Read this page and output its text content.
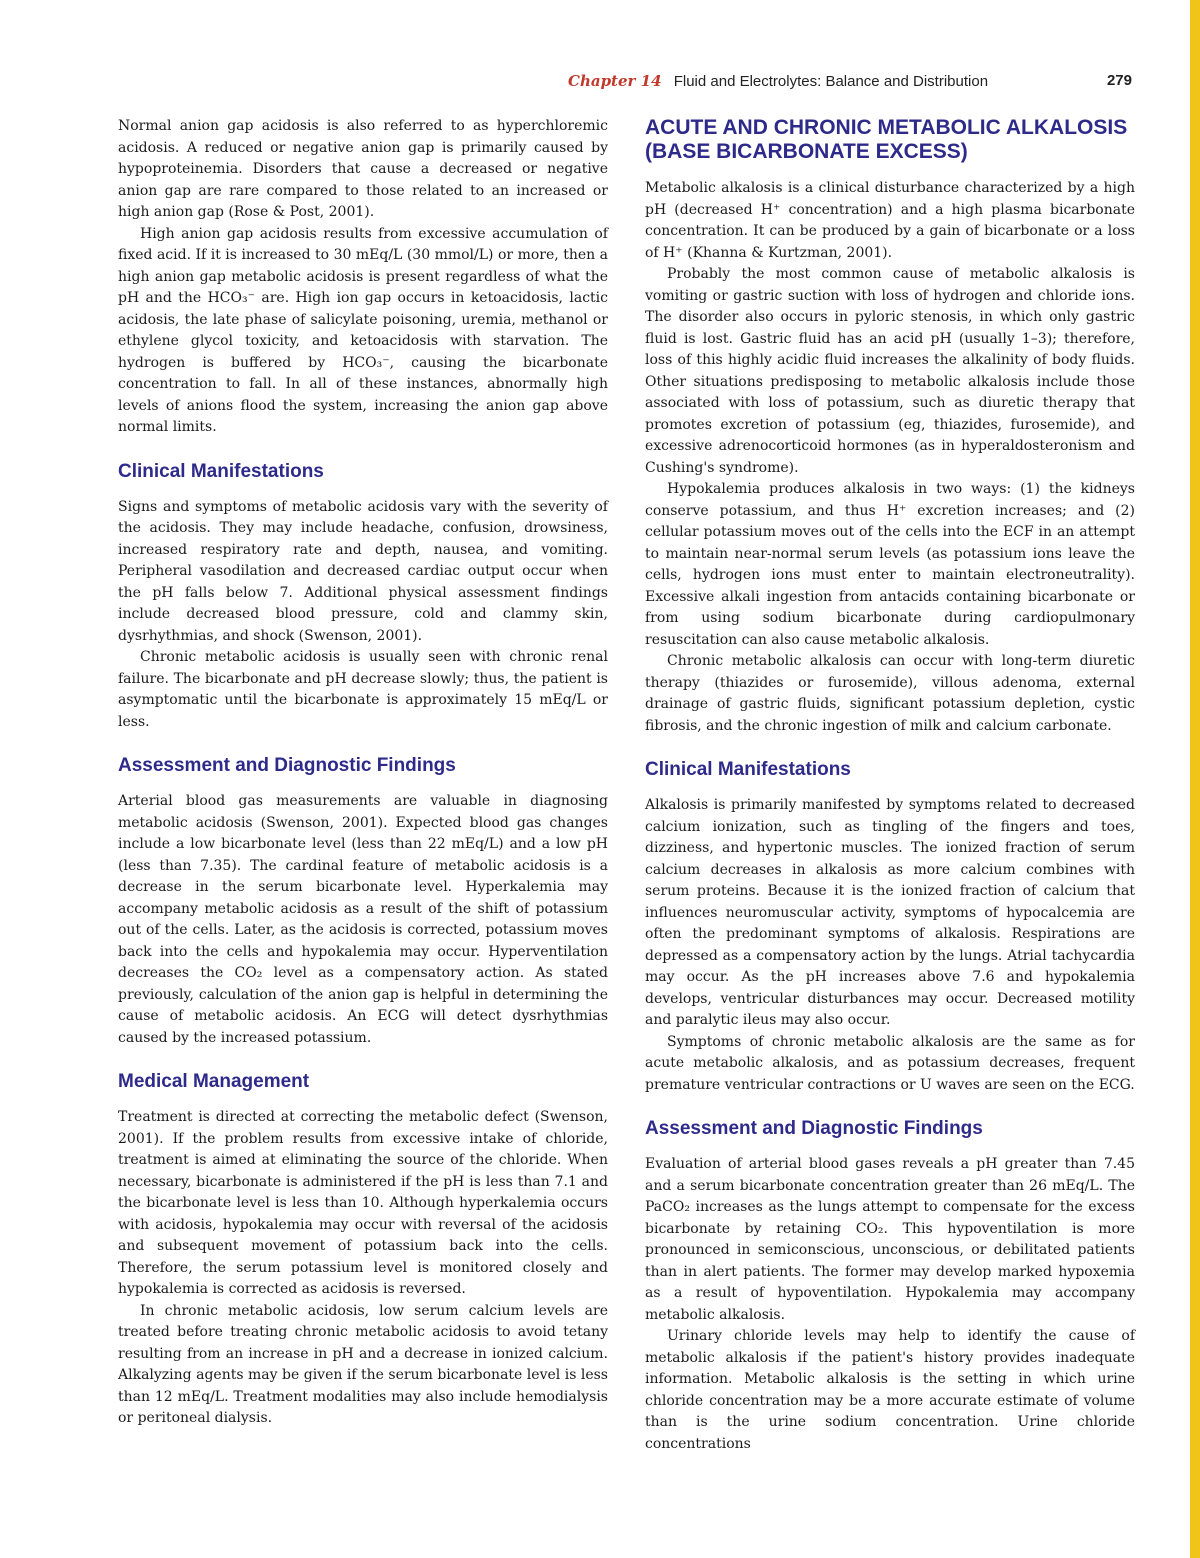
Chapter 14 Fluid and Electrolytes: Balance and Distribution	279

Normal anion gap acidosis is also referred to as hyperchloremic acidosis. A reduced or negative anion gap is primarily caused by hypoproteinemia. Disorders that cause a decreased or negative anion gap are rare compared to those related to an increased or high anion gap (Rose & Post, 2001).

High anion gap acidosis results from excessive accumulation of fixed acid. If it is increased to 30 mEq/L (30 mmol/L) or more, then a high anion gap metabolic acidosis is present regardless of what the pH and the HCO₃⁻ are. High ion gap occurs in ketoacidosis, lactic acidosis, the late phase of salicylate poisoning, uremia, methanol or ethylene glycol toxicity, and ketoacidosis with starvation. The hydrogen is buffered by HCO₃⁻, causing the bicarbonate concentration to fall. In all of these instances, abnormally high levels of anions flood the system, increasing the anion gap above normal limits.

Clinical Manifestations

Signs and symptoms of metabolic acidosis vary with the severity of the acidosis. They may include headache, confusion, drowsiness, increased respiratory rate and depth, nausea, and vomiting. Peripheral vasodilation and decreased cardiac output occur when the pH falls below 7. Additional physical assessment findings include decreased blood pressure, cold and clammy skin, dysrhythmias, and shock (Swenson, 2001).

Chronic metabolic acidosis is usually seen with chronic renal failure. The bicarbonate and pH decrease slowly; thus, the patient is asymptomatic until the bicarbonate is approximately 15 mEq/L or less.

Assessment and Diagnostic Findings

Arterial blood gas measurements are valuable in diagnosing metabolic acidosis (Swenson, 2001). Expected blood gas changes include a low bicarbonate level (less than 22 mEq/L) and a low pH (less than 7.35). The cardinal feature of metabolic acidosis is a decrease in the serum bicarbonate level. Hyperkalemia may accompany metabolic acidosis as a result of the shift of potassium out of the cells. Later, as the acidosis is corrected, potassium moves back into the cells and hypokalemia may occur. Hyperventilation decreases the CO₂ level as a compensatory action. As stated previously, calculation of the anion gap is helpful in determining the cause of metabolic acidosis. An ECG will detect dysrhythmias caused by the increased potassium.

Medical Management

Treatment is directed at correcting the metabolic defect (Swenson, 2001). If the problem results from excessive intake of chloride, treatment is aimed at eliminating the source of the chloride. When necessary, bicarbonate is administered if the pH is less than 7.1 and the bicarbonate level is less than 10. Although hyperkalemia occurs with acidosis, hypokalemia may occur with reversal of the acidosis and subsequent movement of potassium back into the cells. Therefore, the serum potassium level is monitored closely and hypokalemia is corrected as acidosis is reversed.

In chronic metabolic acidosis, low serum calcium levels are treated before treating chronic metabolic acidosis to avoid tetany resulting from an increase in pH and a decrease in ionized calcium. Alkalyzing agents may be given if the serum bicarbonate level is less than 12 mEq/L. Treatment modalities may also include hemodialysis or peritoneal dialysis.

ACUTE AND CHRONIC METABOLIC ALKALOSIS (BASE BICARBONATE EXCESS)

Metabolic alkalosis is a clinical disturbance characterized by a high pH (decreased H⁺ concentration) and a high plasma bicarbonate concentration. It can be produced by a gain of bicarbonate or a loss of H⁺ (Khanna & Kurtzman, 2001).

Probably the most common cause of metabolic alkalosis is vomiting or gastric suction with loss of hydrogen and chloride ions. The disorder also occurs in pyloric stenosis, in which only gastric fluid is lost. Gastric fluid has an acid pH (usually 1–3); therefore, loss of this highly acidic fluid increases the alkalinity of body fluids. Other situations predisposing to metabolic alkalosis include those associated with loss of potassium, such as diuretic therapy that promotes excretion of potassium (eg, thiazides, furosemide), and excessive adrenocorticoid hormones (as in hyperaldosteronism and Cushing's syndrome).

Hypokalemia produces alkalosis in two ways: (1) the kidneys conserve potassium, and thus H⁺ excretion increases; and (2) cellular potassium moves out of the cells into the ECF in an attempt to maintain near-normal serum levels (as potassium ions leave the cells, hydrogen ions must enter to maintain electroneutrality). Excessive alkali ingestion from antacids containing bicarbonate or from using sodium bicarbonate during cardiopulmonary resuscitation can also cause metabolic alkalosis.

Chronic metabolic alkalosis can occur with long-term diuretic therapy (thiazides or furosemide), villous adenoma, external drainage of gastric fluids, significant potassium depletion, cystic fibrosis, and the chronic ingestion of milk and calcium carbonate.

Clinical Manifestations

Alkalosis is primarily manifested by symptoms related to decreased calcium ionization, such as tingling of the fingers and toes, dizziness, and hypertonic muscles. The ionized fraction of serum calcium decreases in alkalosis as more calcium combines with serum proteins. Because it is the ionized fraction of calcium that influences neuromuscular activity, symptoms of hypocalcemia are often the predominant symptoms of alkalosis. Respirations are depressed as a compensatory action by the lungs. Atrial tachycardia may occur. As the pH increases above 7.6 and hypokalemia develops, ventricular disturbances may occur. Decreased motility and paralytic ileus may also occur.

Symptoms of chronic metabolic alkalosis are the same as for acute metabolic alkalosis, and as potassium decreases, frequent premature ventricular contractions or U waves are seen on the ECG.

Assessment and Diagnostic Findings

Evaluation of arterial blood gases reveals a pH greater than 7.45 and a serum bicarbonate concentration greater than 26 mEq/L. The PaCO₂ increases as the lungs attempt to compensate for the excess bicarbonate by retaining CO₂. This hypoventilation is more pronounced in semiconscious, unconscious, or debilitated patients than in alert patients. The former may develop marked hypoxemia as a result of hypoventilation. Hypokalemia may accompany metabolic alkalosis.

Urinary chloride levels may help to identify the cause of metabolic alkalosis if the patient's history provides inadequate information. Metabolic alkalosis is the setting in which urine chloride concentration may be a more accurate estimate of volume than is the urine sodium concentration. Urine chloride concentrations
